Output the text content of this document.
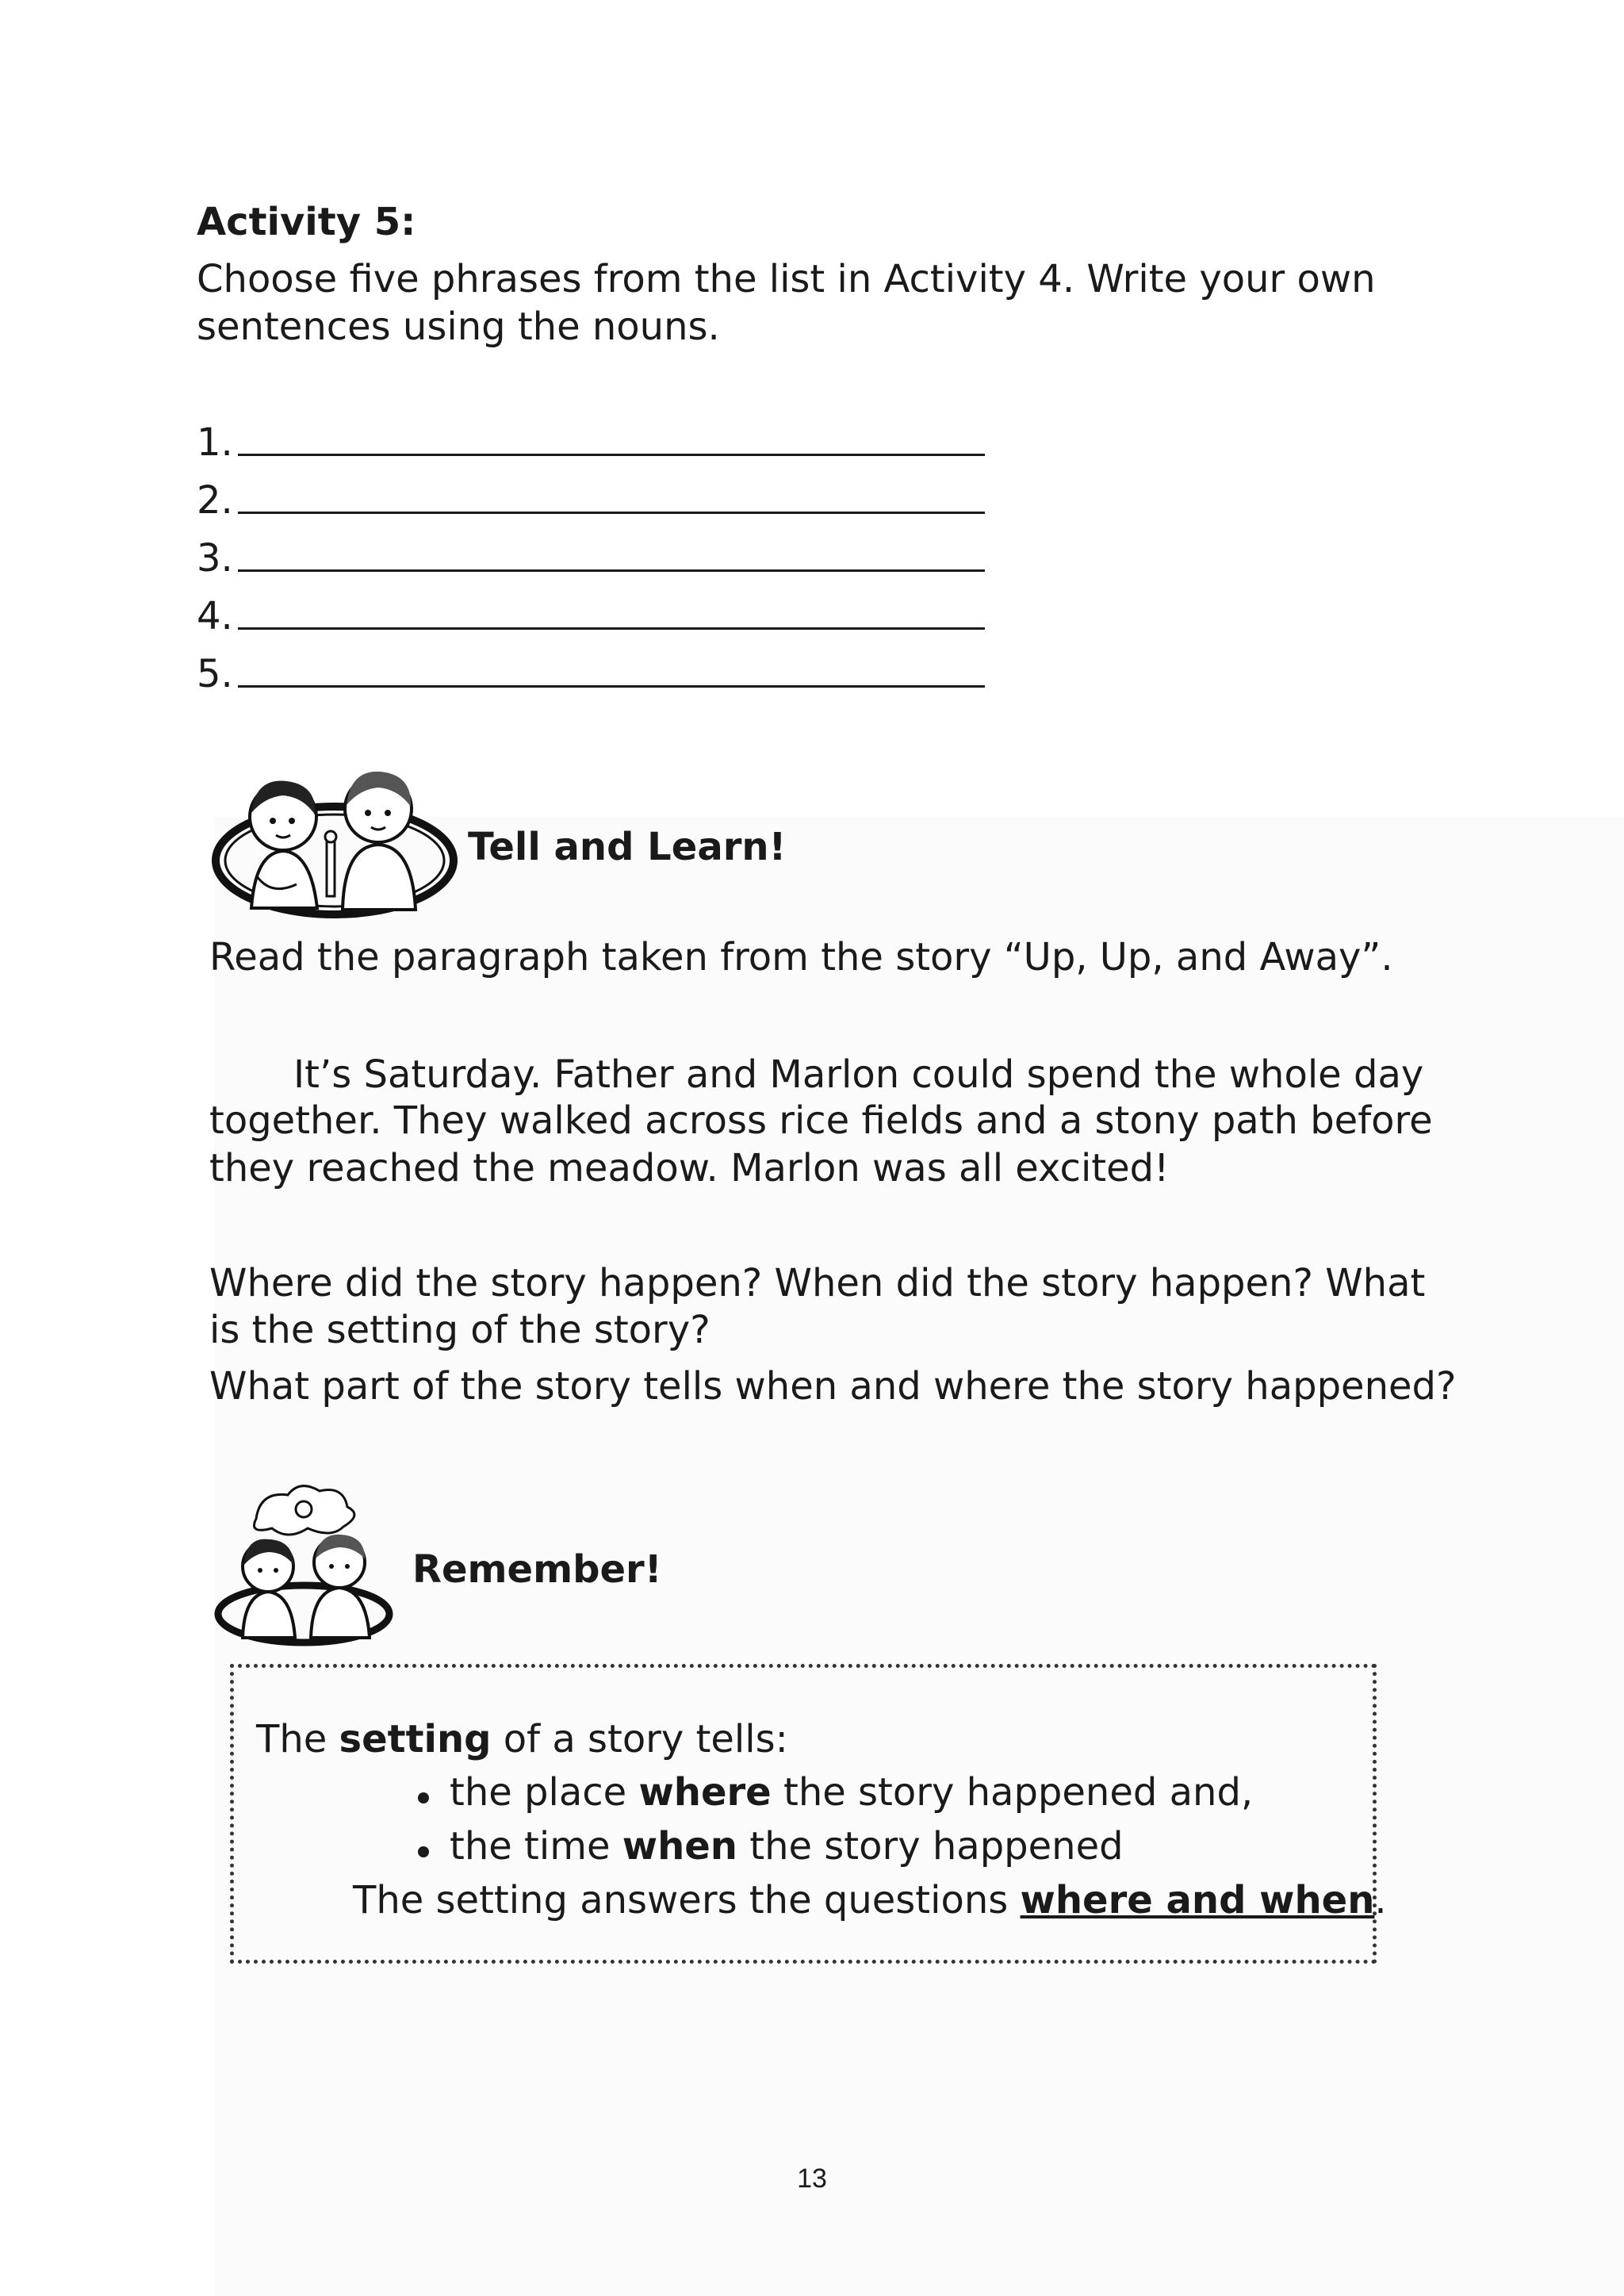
Activity 5:
Choose five phrases from the list in Activity 4. Write your own
sentences using the nouns.
1.
2.
3.
4.
5.
Tell and Learn!
Read the paragraph taken from the story “Up, Up, and Away”.
It’s Saturday. Father and Marlon could spend the whole day
together. They walked across rice fields and a stony path before
they reached the meadow. Marlon was all excited!
Where did the story happen? When did the story happen? What
is the setting of the story?
What part of the story tells when and where the story happened?
Remember!
The setting of a story tells:
the place where the story happened and,
the time when the story happened
The setting answers the questions where and when.
13
